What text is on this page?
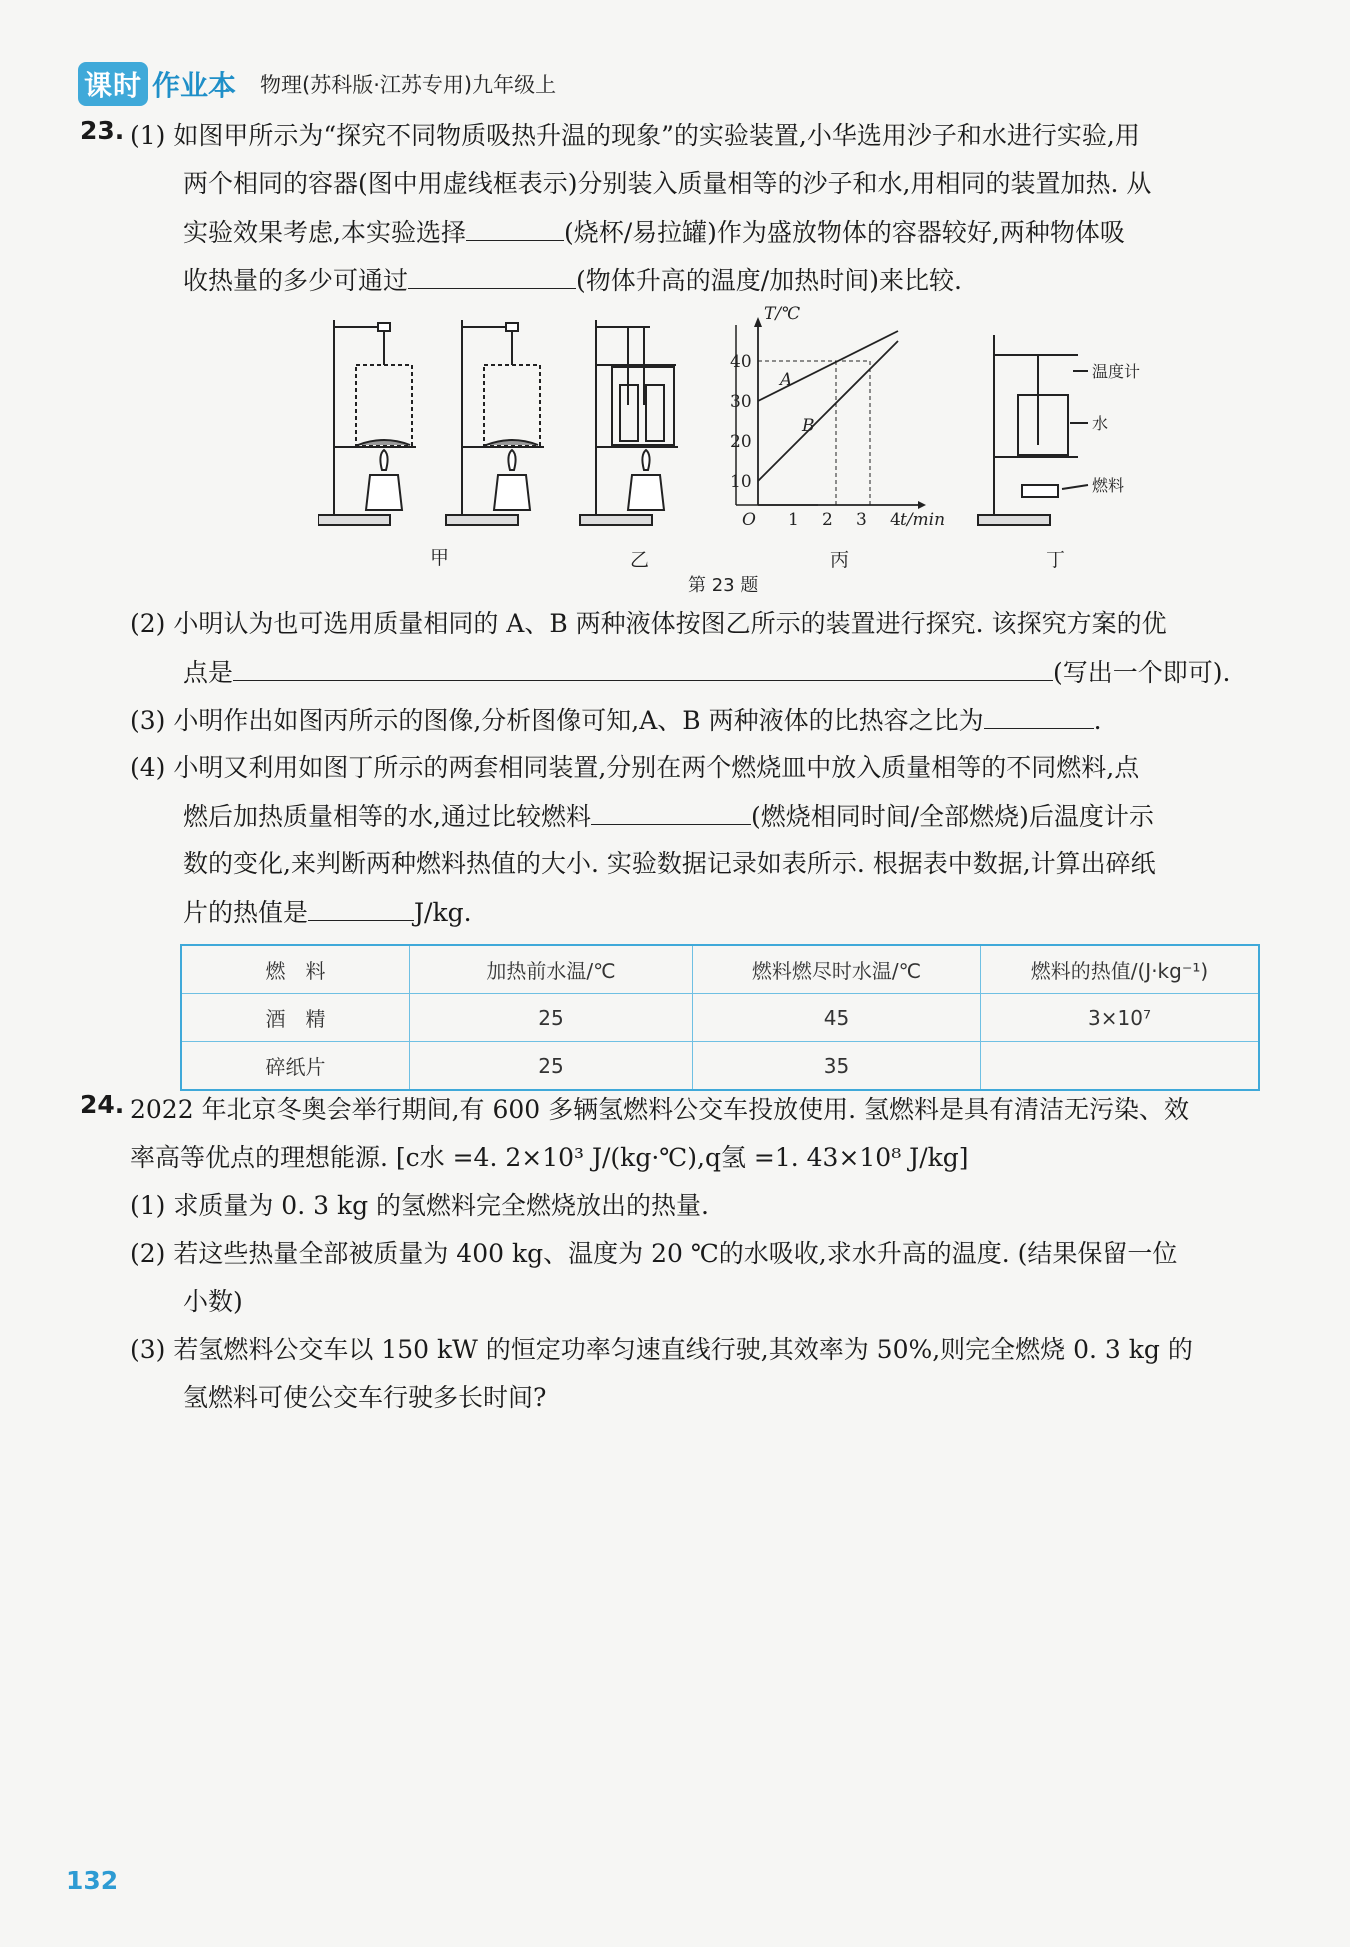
课时 作业本 物理(苏科版·江苏专用)九年级上
23. (1) 如图甲所示为“探究不同物质吸热升温的现象”的实验装置,小华选用沙子和水进行实验,用
两个相同的容器(图中用虚线框表示)分别装入质量相等的沙子和水,用相同的装置加热. 从
实验效果考虑,本实验选择	(烧杯/易拉罐)作为盛放物体的容器较好,两种物体吸
收热量的多少可通过	(物体升高的温度/加热时间)来比较.
T/℃
t/min
O
10
20
30
40
1 2 3 4
A
B
温度计
水
燃料
甲	乙	丙	丁
第 23 题
(2) 小明认为也可选用质量相同的 A、B 两种液体按图乙所示的装置进行探究. 该探究方案的优
点是	(写出一个即可).
(3) 小明作出如图丙所示的图像,分析图像可知,A、B 两种液体的比热容之比为	.
(4) 小明又利用如图丁所示的两套相同装置,分别在两个燃烧皿中放入质量相等的不同燃料,点
燃后加热质量相等的水,通过比较燃料	(燃烧相同时间/全部燃烧)后温度计示
数的变化,来判断两种燃料热值的大小. 实验数据记录如表所示. 根据表中数据,计算出碎纸
片的热值是	J/kg.
燃　料	加热前水温/℃	燃料燃尽时水温/℃	燃料的热值/(J·kg⁻¹)
酒　精	25	45	3×10⁷
碎纸片	25	35	
24. 2022 年北京冬奥会举行期间,有 600 多辆氢燃料公交车投放使用. 氢燃料是具有清洁无污染、效
率高等优点的理想能源. [c水 =4. 2×10³ J/(kg·℃),q氢 =1. 43×10⁸ J/kg]
(1) 求质量为 0. 3 kg 的氢燃料完全燃烧放出的热量.
(2) 若这些热量全部被质量为 400 kg、温度为 20 ℃的水吸收,求水升高的温度. (结果保留一位
小数)
(3) 若氢燃料公交车以 150 kW 的恒定功率匀速直线行驶,其效率为 50%,则完全燃烧 0. 3 kg 的
氢燃料可使公交车行驶多长时间?
132
